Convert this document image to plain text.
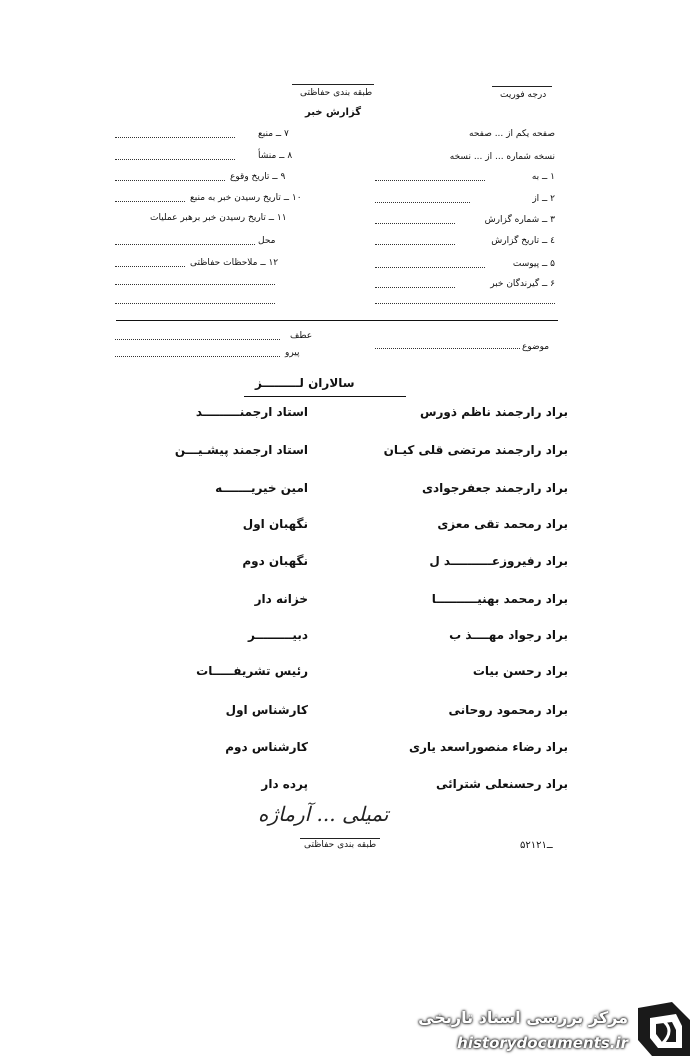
طبقه بندی حفاظتی	درجه فوریت
گزارش خبر
صفحه یکم از ... صفحه
نسخه شماره ... از ... نسخه
۱ ــ به
۲ ــ از
۳ ــ شماره گزارش
٤ ــ تاریخ گزارش
۵ ــ پیوست
۶ ــ گیرندگان خبر
۷ ــ منبع
۸ ــ منشأ
۹ ــ تاریخ وقوع
۱۰ ــ تاریخ رسیدن خبر به منبع
۱۱ ــ تاریخ رسیدن خبر برهبر عملیات
محل
۱۲ ــ ملاحظات حفاظتی
موضوع
عطف
پیرو
سالاران لـــــــــز
براد رارجمند ناظم ذورس
استاد ارجمنـــــــــد
براد رارجمند مرتضی قلی کیـان
استاد ارجمند پیشـیـــن
براد رارجمند جعفرجوادی
امین خیریـــــــه
براد رمحمد تقی معزی
نگهبان اول
براد رفیروزعــــــــــد ل
نگهبان دوم
براد رمحمد بهنیــــــــــا
خزانه دار
براد رجواد مهــــذ ب
دبیـــــــــر
براد رحسن بیات
رئیس تشریفـــــات
براد رمحمود روحانی
کارشناس اول
براد رضاء منصوراسعد یاری
کارشناس دوم
براد رحسنعلی شترائی
پرده دار
تمیلی ... آرماژه
طبقه بندی حفاظتی	۵۲ــ۱۲۱
مرکز بررسی اسناد تاریخی
historydocuments.ir
